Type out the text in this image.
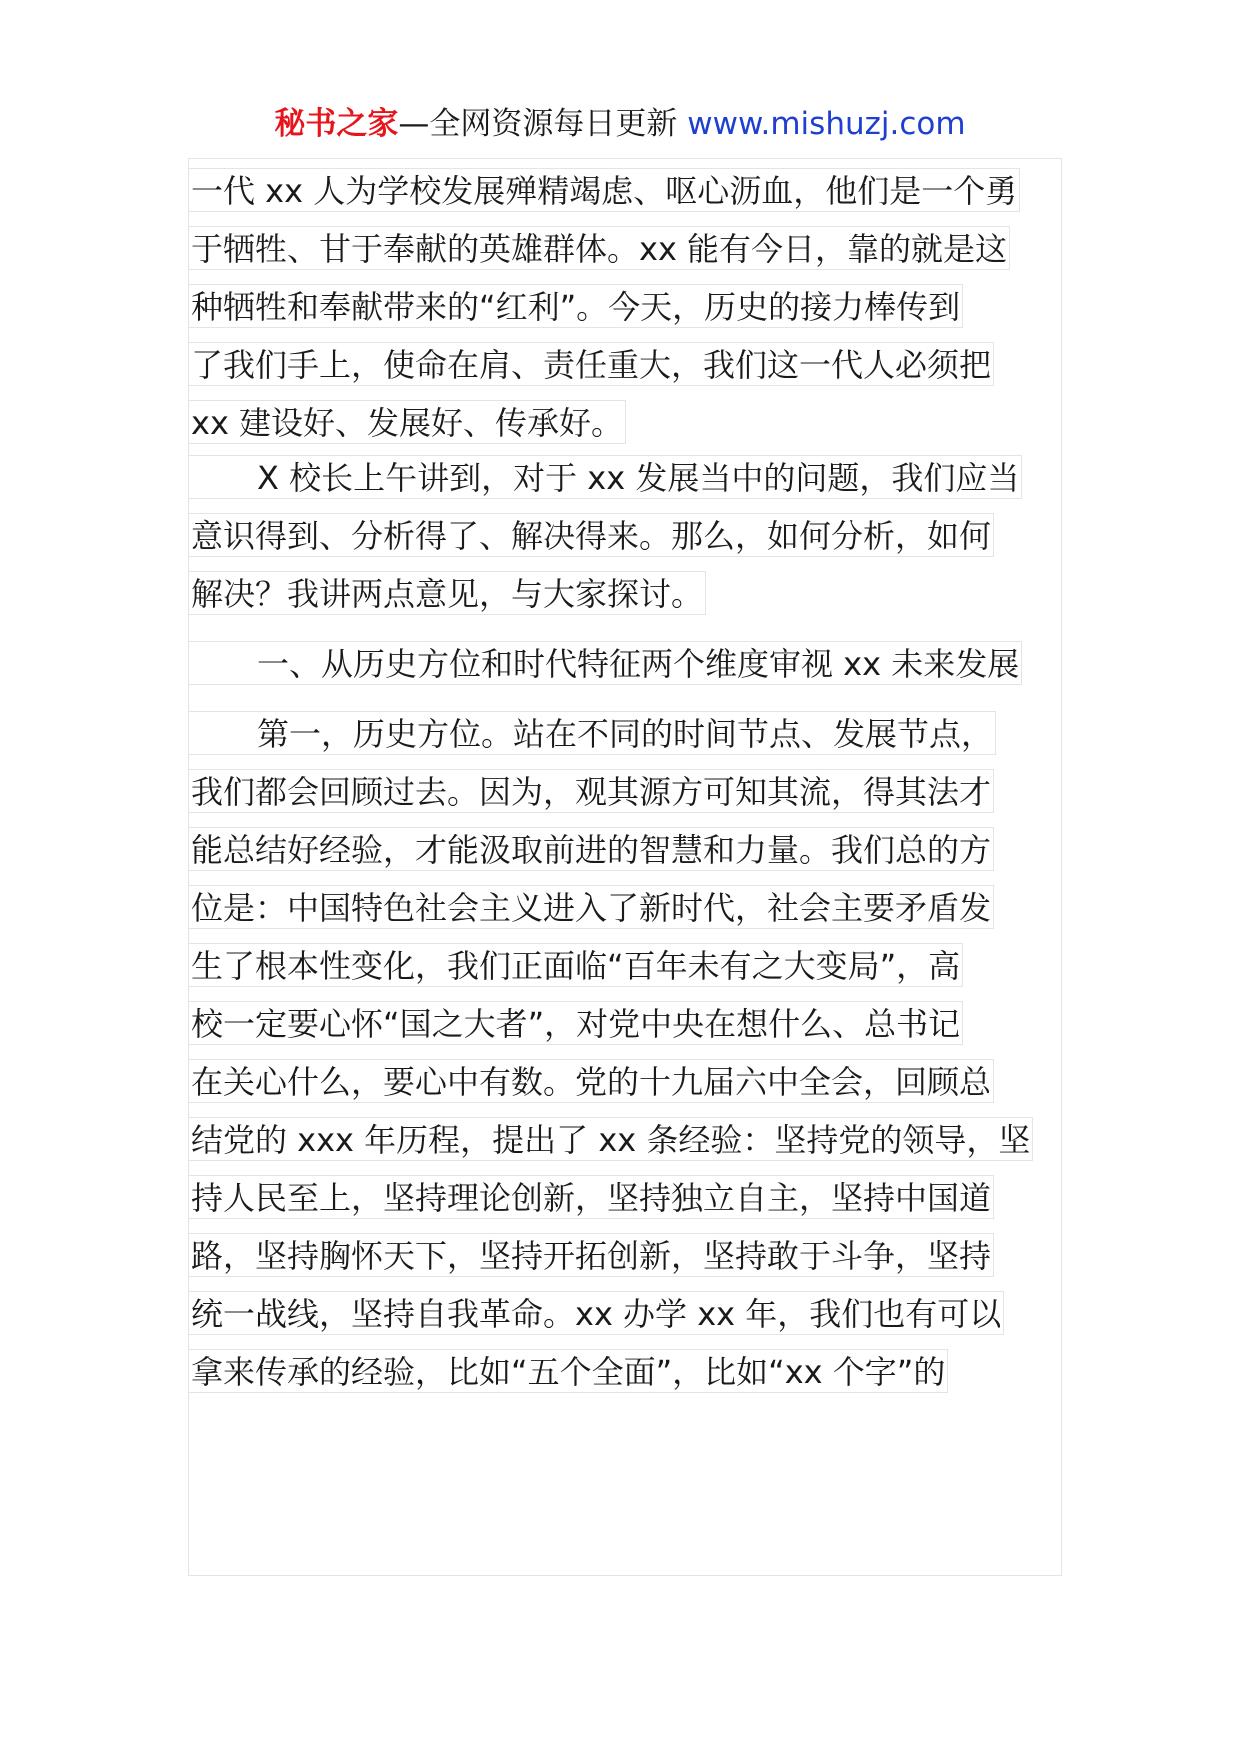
秘书之家—全网资源每日更新 www.mishuzj.com
一代 xx 人为学校发展殚精竭虑、呕心沥血，他们是一个勇
于牺牲、甘于奉献的英雄群体。xx 能有今日，靠的就是这
种牺牲和奉献带来的“红利”。今天，历史的接力棒传到
了我们手上，使命在肩、责任重大，我们这一代人必须把
xx 建设好、发展好、传承好。
X 校长上午讲到，对于 xx 发展当中的问题，我们应当
意识得到、分析得了、解决得来。那么，如何分析，如何
解决？我讲两点意见，与大家探讨。
一、从历史方位和时代特征两个维度审视 xx 未来发展
第一，历史方位。站在不同的时间节点、发展节点，
我们都会回顾过去。因为，观其源方可知其流，得其法才
能总结好经验，才能汲取前进的智慧和力量。我们总的方
位是：中国特色社会主义进入了新时代，社会主要矛盾发
生了根本性变化，我们正面临“百年未有之大变局”，高
校一定要心怀“国之大者”，对党中央在想什么、总书记
在关心什么，要心中有数。党的十九届六中全会，回顾总
结党的 xxx 年历程，提出了 xx 条经验：坚持党的领导，坚
持人民至上，坚持理论创新，坚持独立自主，坚持中国道
路，坚持胸怀天下，坚持开拓创新，坚持敢于斗争，坚持
统一战线，坚持自我革命。xx 办学 xx 年，我们也有可以
拿来传承的经验，比如“五个全面”，比如“xx 个字”的
